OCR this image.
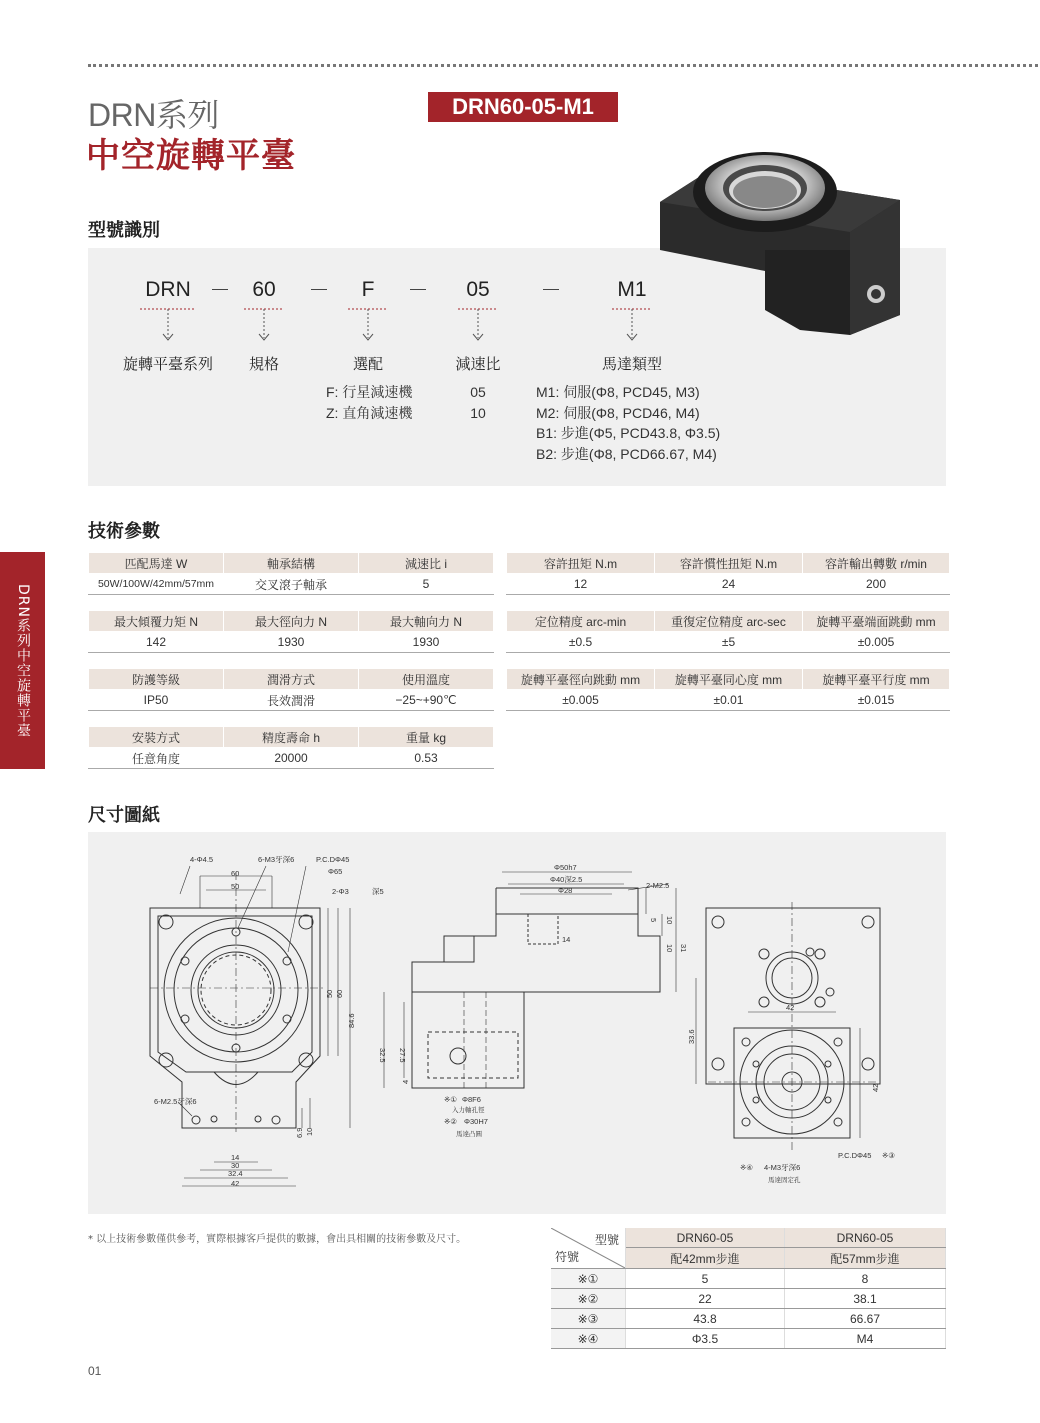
DRN系列
中空旋轉平臺
DRN60-05-M1
型號識別
DRN	60	F	05	M1
旋轉平臺系列	規格	選配	減速比	馬達類型
F: 行星減速機
Z: 直角減速機
05
10
M1: 伺服(Φ8, PCD45, M3)
M2: 伺服(Φ8, PCD46, M4)
B1: 步進(Φ5, PCD43.8, Φ3.5)
B2: 步進(Φ8, PCD66.67, M4)
技術參數
匹配馬達 W	軸承結構	減速比 i
50W/100W/42mm/57mm	交叉滾子軸承	5
最大傾覆力矩 N	最大徑向力 N	最大軸向力 N
142	1930	1930
防護等級	潤滑方式	使用溫度
IP50	長效潤滑	−25~+90℃
安裝方式	精度壽命 h	重量 kg
任意角度	20000	0.53
容許扭矩 N.m	容許慣性扭矩 N.m	容許輸出轉數 r/min
12	24	200
定位精度 arc-min	重復定位精度 arc-sec	旋轉平臺端面跳動 mm
±0.5	±5	±0.005
旋轉平臺徑向跳動 mm	旋轉平臺同心度 mm	旋轉平臺平行度 mm
±0.005	±0.01	±0.015
DRN系列中空旋轉平臺
尺寸圖紙
4-Φ4.5	6-M3牙深6	P.C.DΦ45
Φ65
2-Φ3	深5
60
50
6-M2.5牙深6
14
30
32.4
42
50 60
84.6
6.9 10
Φ50h7
Φ40深2.5
Φ28
2-M2.5
5 10
10 31
14
32.5 27.5
4
※① Φ8F6
入力軸孔徑
※② Φ30H7
馬達凸圓
42
33.6
42
P.C.DΦ45 ※③
※④ 4-M3牙深6
馬達固定孔
* 以上技術參數僅供參考，實際根據客戶提供的數據，會出具相關的技術參數及尺寸。	型號
符號	DRN60-05	DRN60-05
	配42mm步進	配57mm步進
※①	5	8
※②	22	38.1
※③	43.8	66.67
※④	Φ3.5	M4
01
